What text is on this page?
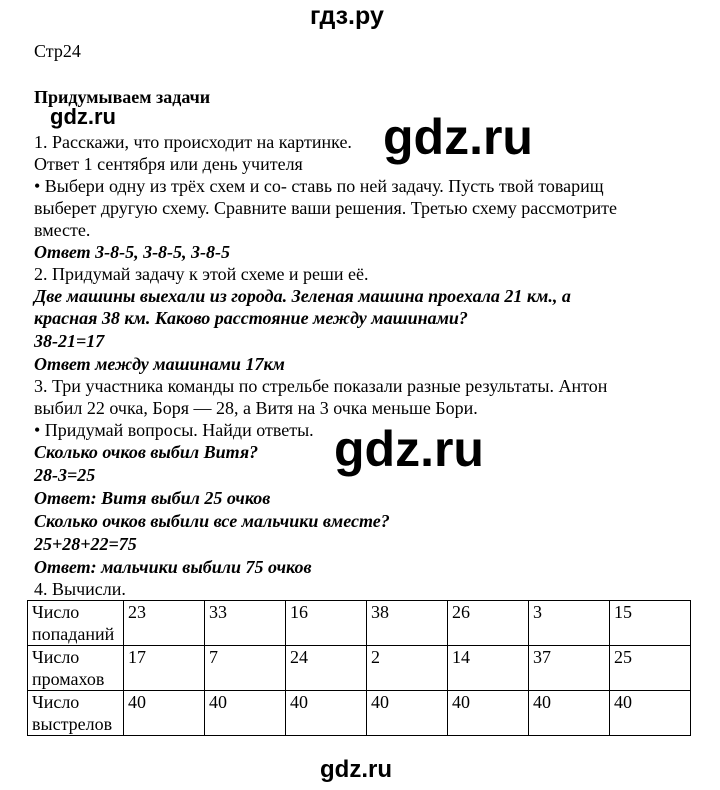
гдз.ру
Стр24
Придумываем задачи
gdz.ru
1. Расскажи, что происходит на картинке.
Ответ 1 сентября или день учителя
• Выбери одну из трёх схем и со- ставь по ней задачу. Пусть твой товарищ
выберет другую схему. Сравните ваши решения. Третью схему рассмотрите
вместе.
Ответ 3-8-5, 3-8-5, 3-8-5
2. Придумай задачу к этой схеме и реши её.
Две машины выехали из города. Зеленая машина проехала 21 км., а
красная 38 км. Каково расстояние между машинами?
38-21=17
Ответ между машинами 17км
3. Три участника команды по стрельбе показали разные результаты. Антон
выбил 22 очка, Боря — 28, а Витя на 3 очка меньше Бори.
• Придумай вопросы. Найди ответы.
Сколько очков выбил Витя?
28-3=25
Ответ: Витя выбил 25 очков
Сколько очков выбили все мальчики вместе?
25+28+22=75
Ответ: мальчики выбили 75 очков
4. Вычисли.
gdz.ru
gdz.ru
Число
попаданий	23	33	16	38	26	3	15
Число
промахов	17	7	24	2	14	37	25
Число
выстрелов	40	40	40	40	40	40	40
gdz.ru
